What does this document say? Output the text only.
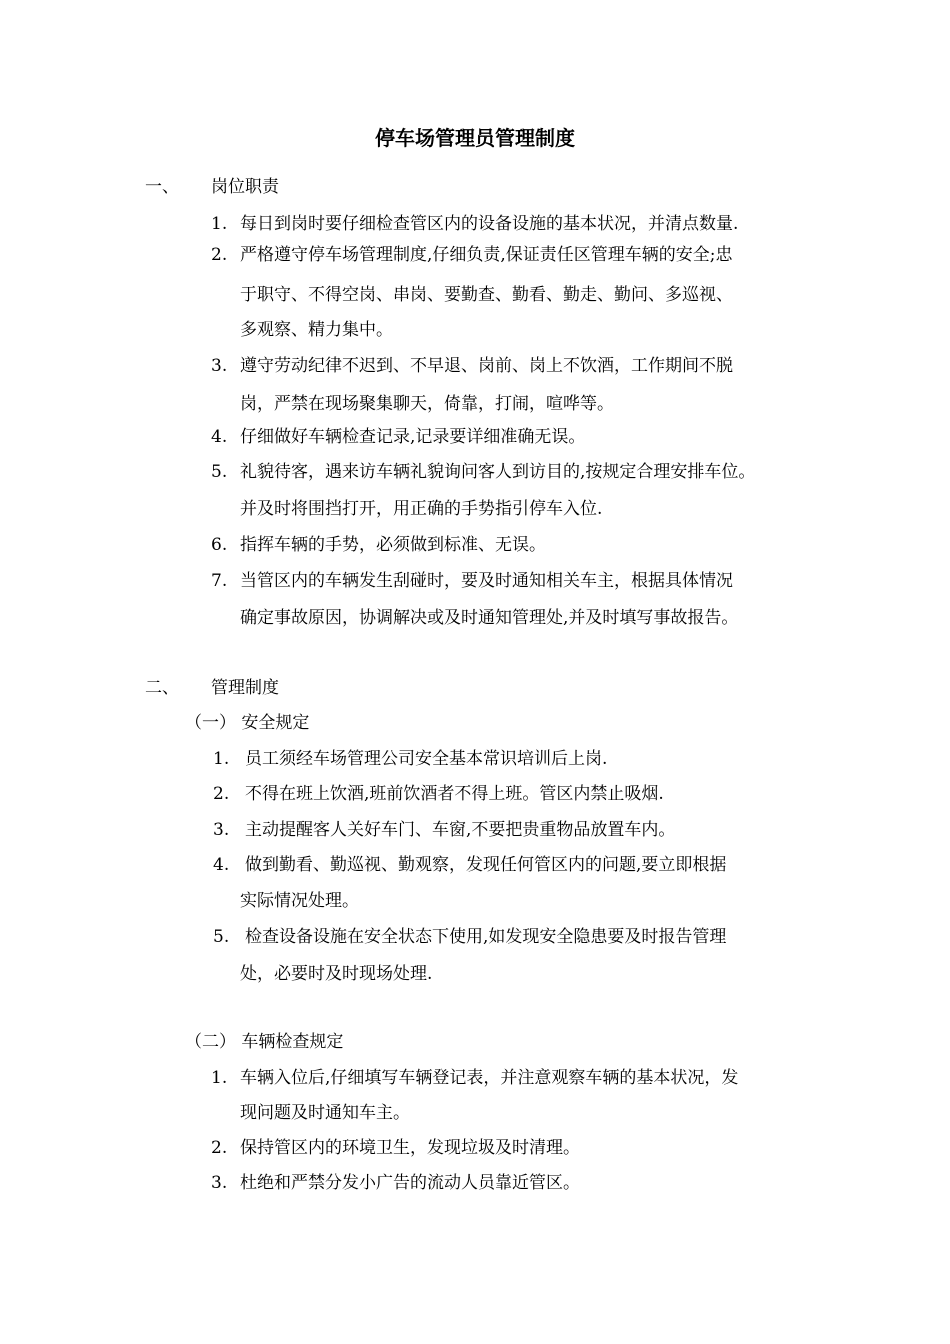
停车场管理员管理制度
一、 岗位职责
1. 每日到岗时要仔细检查管区内的设备设施的基本状况，并清点数量.
2. 严格遵守停车场管理制度,仔细负责,保证责任区管理车辆的安全;忠
于职守、不得空岗、串岗、要勤查、勤看、勤走、勤问、多巡视、
多观察、精力集中。
3. 遵守劳动纪律不迟到、不早退、岗前、岗上不饮酒，工作期间不脱
岗，严禁在现场聚集聊天，倚靠，打闹，喧哗等。
4. 仔细做好车辆检查记录,记录要详细准确无误。
5. 礼貌待客，遇来访车辆礼貌询问客人到访目的,按规定合理安排车位。
并及时将围挡打开，用正确的手势指引停车入位.
6. 指挥车辆的手势，必须做到标准、无误。
7. 当管区内的车辆发生刮碰时，要及时通知相关车主，根据具体情况
确定事故原因，协调解决或及时通知管理处,并及时填写事故报告。
二、 管理制度
（一） 安全规定
1. 员工须经车场管理公司安全基本常识培训后上岗.
2. 不得在班上饮酒,班前饮酒者不得上班。管区内禁止吸烟.
3. 主动提醒客人关好车门、车窗,不要把贵重物品放置车内。
4. 做到勤看、勤巡视、勤观察，发现任何管区内的问题,要立即根据
实际情况处理。
5. 检查设备设施在安全状态下使用,如发现安全隐患要及时报告管理
处，必要时及时现场处理.
（二） 车辆检查规定
1. 车辆入位后,仔细填写车辆登记表，并注意观察车辆的基本状况，发
现问题及时通知车主。
2. 保持管区内的环境卫生，发现垃圾及时清理。
3. 杜绝和严禁分发小广告的流动人员靠近管区。
